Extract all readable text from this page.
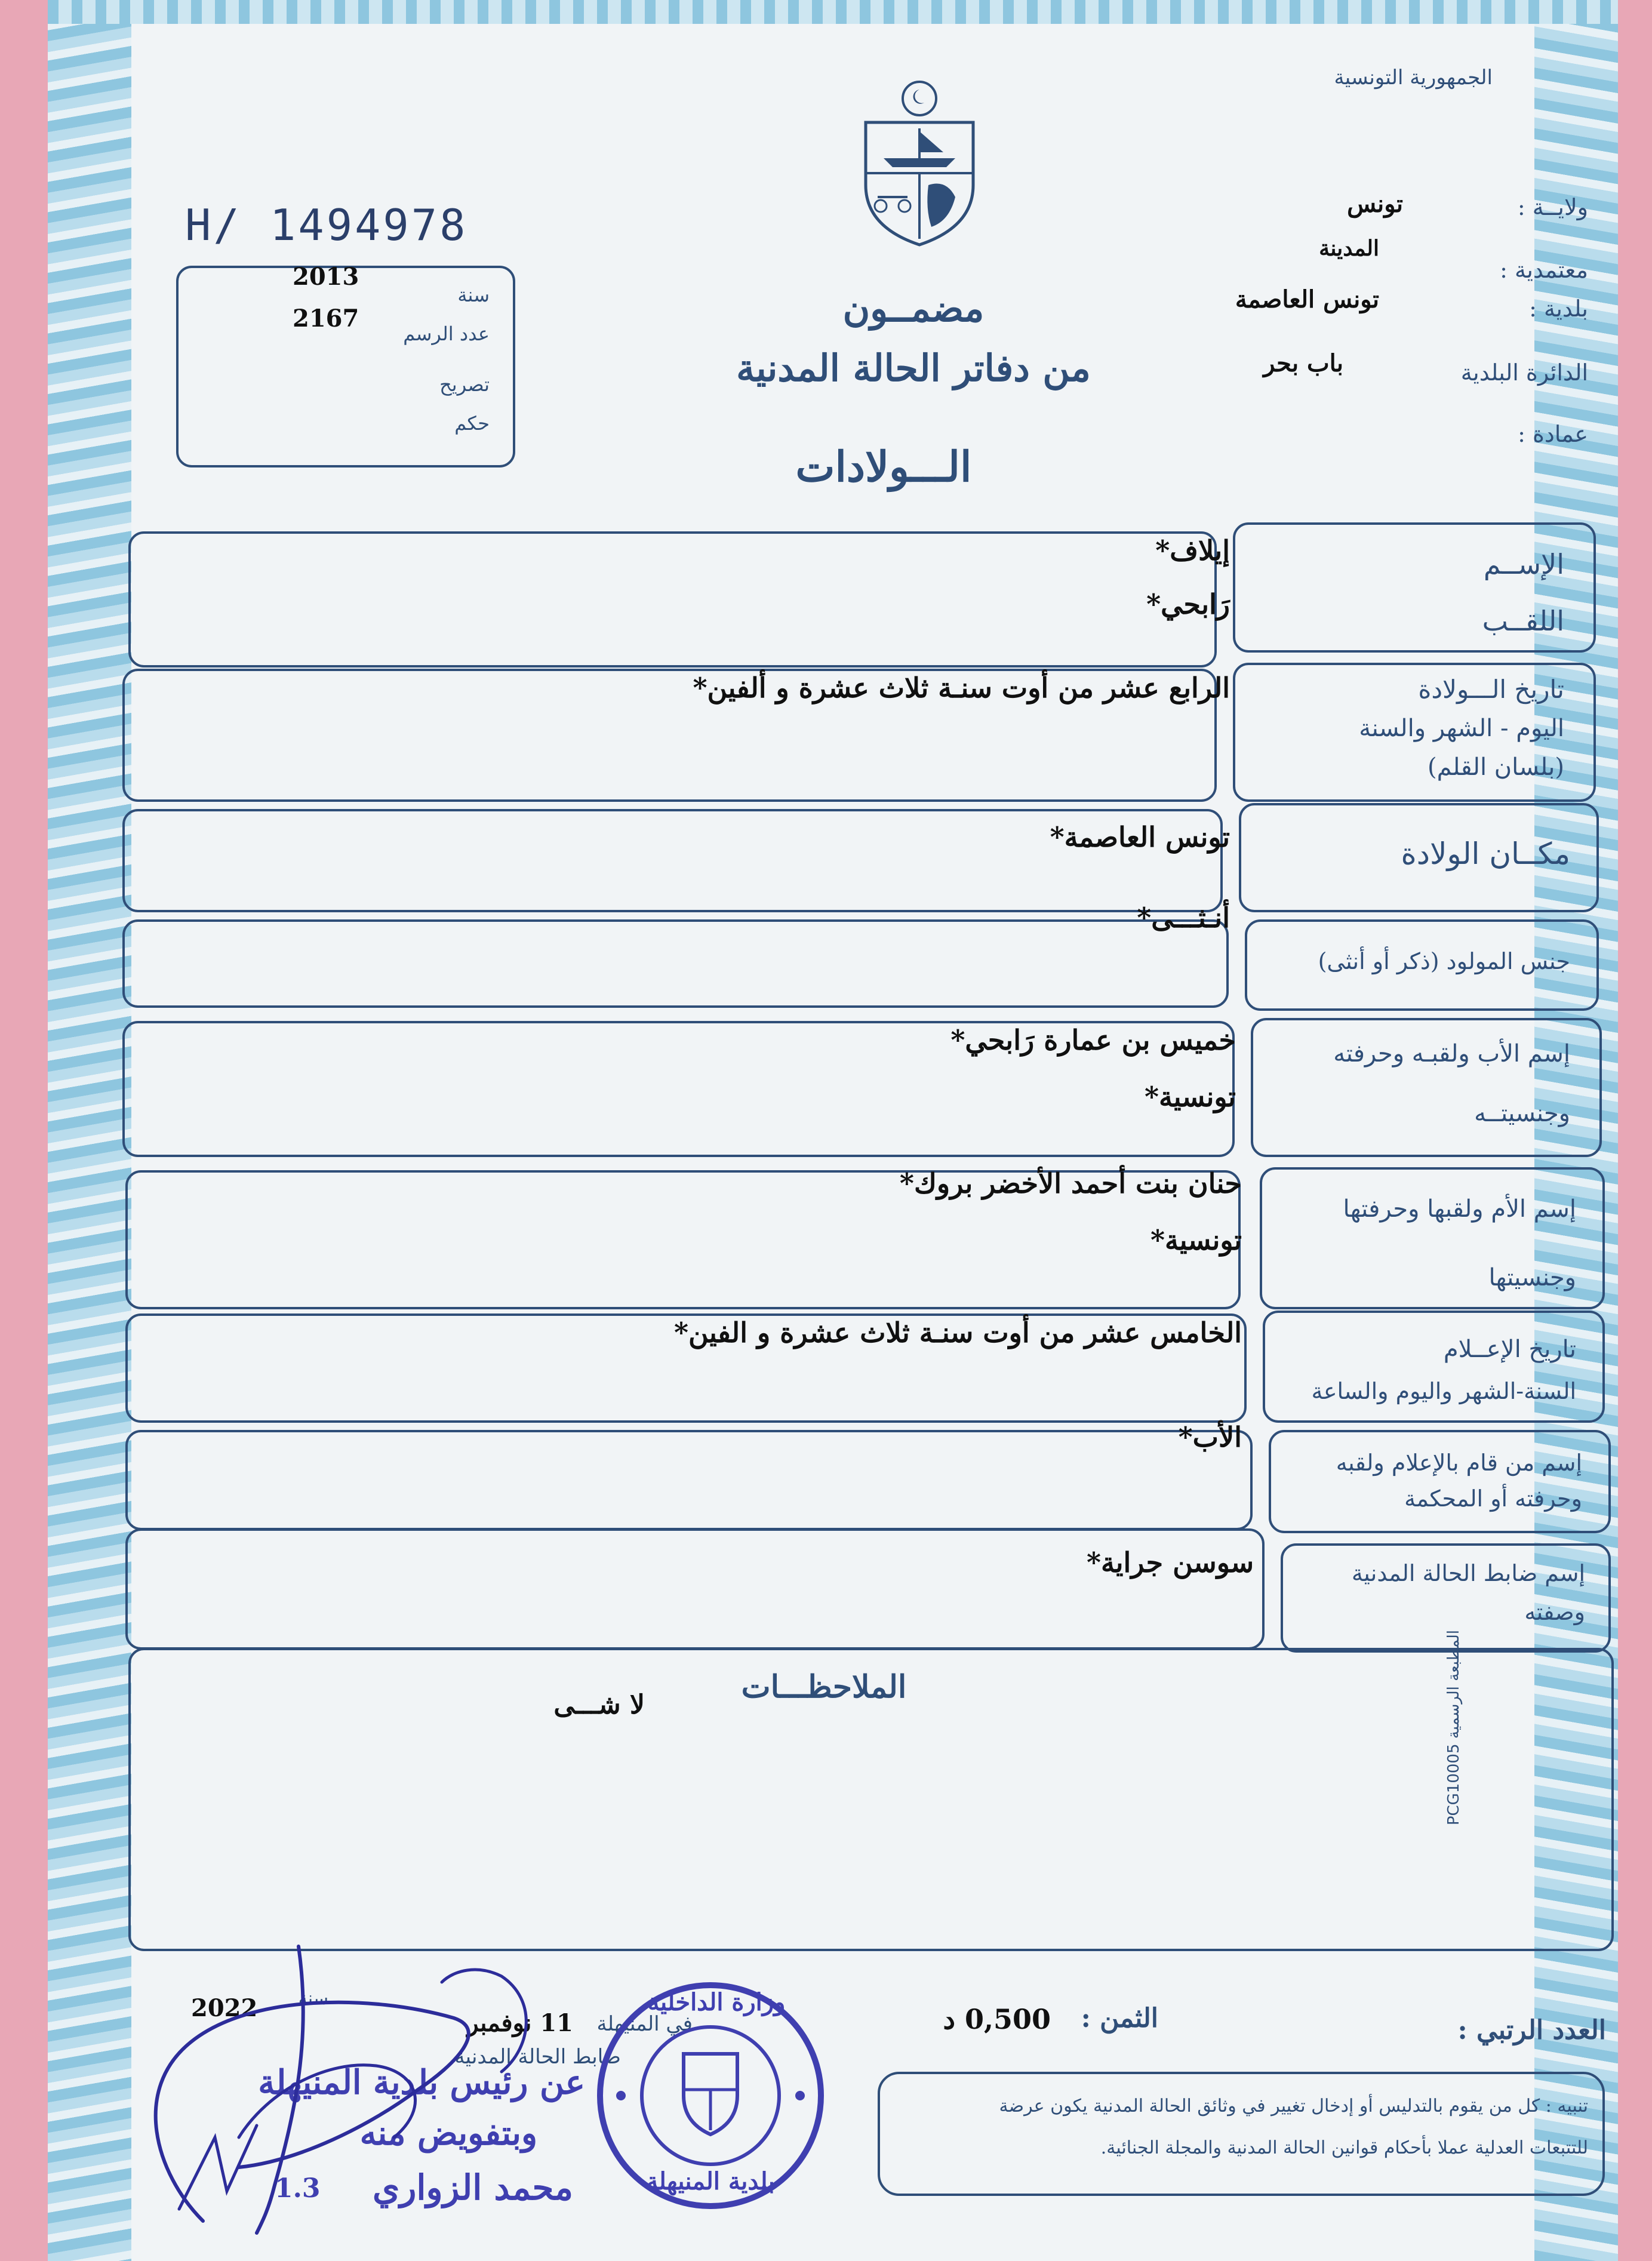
الجمهورية التونسية
H/ 1494978
2013
سنة
2167
عدد الرسم
تصريح
حكم
مضمــون
من دفاتر الحالة المدنية
الـــولادات
ولايــة :
تونس
معتمدية :
المدينة
بلدية :
تونس العاصمة
الدائرة البلدية
باب بحر
عمادة :
الإســم
اللقــب
إيلاف*
رَابحي*
تاريخ الـــولادة
اليوم - الشهر والسنة
(بلسان القلم)
الرابع عشر من أوت سنـة ثلاث عشرة و ألفين*
مكــان الولادة
تونس العاصمة*
جنس المولود (ذكر أو أنثى)
أنـثـــى*
إسم الأب ولقبـه وحرفته
وجنسيتــه
خميس بن عمارة رَابحي*
تونسية*
إسم الأم ولقبها وحرفتها
وجنسيتها
حنان بنت أحمد الأخضر بروك*
تونسية*
تاريخ الإعــلام
السنة-الشهر واليوم والساعة
الخامس عشر من أوت سنـة ثلاث عشرة و الفين*
إسم من قام بالإعلام ولقبه
وحرفته أو المحكمة
الأب*
إسم ضابط الحالة المدنية
وصفته
سوسن جراية*
الملاحظـــات
لا شـــى
المطبعة الرسمية PCG10005
العدد الرتبي :
الثمن :
0,500 د
في المنيهلة
11 نوفمبر
سنة
2022
ضابط الحالة المدنية
تنبيه : كل من يقوم بالتدليس أو إدخال تغيير في وثائق الحالة المدنية يكون عرضة
للتتبعات العدلية عملا بأحكام قوانين الحالة المدنية والمجلة الجنائية.
وزارة الداخلية
بلدية المنيهلة
عن رئيس بلدية المنيهلة
وبتفويض منه
محمد الزواري
1.3
